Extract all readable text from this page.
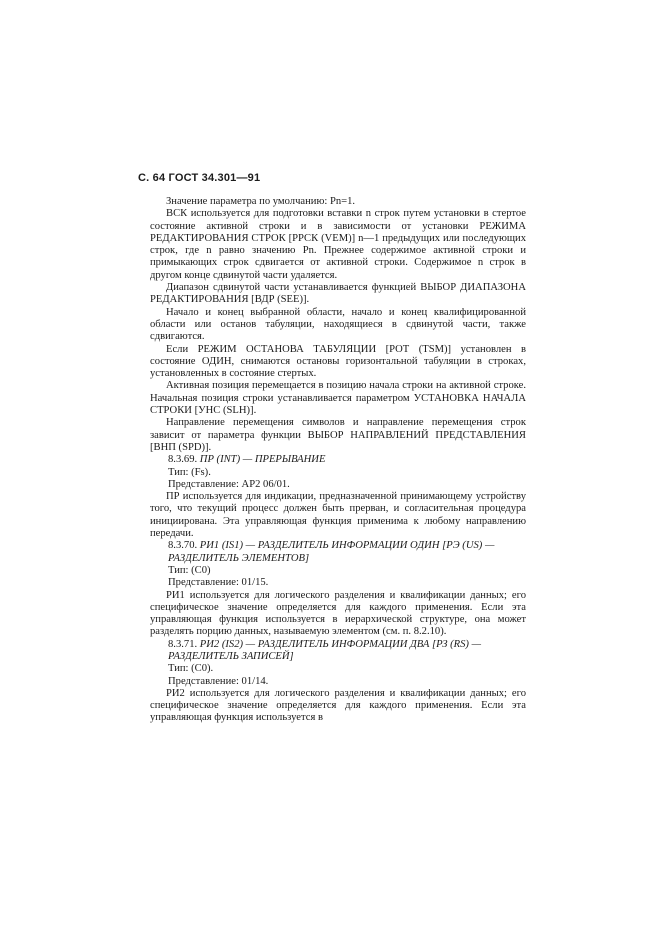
С. 64 ГОСТ 34.301—91

Значение параметра по умолчанию: Pn=1.

ВСК используется для подготовки вставки n строк путем установки в стертое состояние активной строки и в зависимости от установки РЕЖИМА РЕДАКТИРОВАНИЯ СТРОК [РРСК (VEM)] n—1 предыдущих или последующих строк, где n равно значению Pn. Прежнее содержимое активной строки и примыкающих строк сдвигается от активной строки. Содержимое n строк в другом конце сдвинутой части удаляется.

Диапазон сдвинутой части устанавливается функцией ВЫБОР ДИАПАЗОНА РЕДАКТИРОВАНИЯ [ВДР (SEE)].

Начало и конец выбранной области, начало и конец квалифицированной области или останов табуляции, находящиеся в сдвинутой части, также сдвигаются.

Если РЕЖИМ ОСТАНОВА ТАБУЛЯЦИИ [РОТ (TSM)] установлен в состояние ОДИН, снимаются остановы горизонтальной табуляции в строках, установленных в состояние стертых.

Активная позиция перемещается в позицию начала строки на активной строке. Начальная позиция строки устанавливается параметром УСТАНОВКА НАЧАЛА СТРОКИ [УНС (SLH)].

Направление перемещения символов и направление перемещения строк зависит от параметра функции ВЫБОР НАПРАВЛЕНИЙ ПРЕДСТАВЛЕНИЯ [ВНП (SPD)].

8.3.69. ПР (INT) — ПРЕРЫВАНИЕ

Тип: (Fs).

Представление: АР2 06/01.

ПР используется для индикации, предназначенной принимающему устройству того, что текущий процесс должен быть прерван, и согласительная процедура инициирована. Эта управляющая функция применима к любому направлению передачи.

8.3.70. РИ1 (IS1) — РАЗДЕЛИТЕЛЬ ИНФОРМАЦИИ ОДИН [РЭ (US) — РАЗДЕЛИТЕЛЬ ЭЛЕМЕНТОВ]

Тип: (С0)

Представление: 01/15.

РИ1 используется для логического разделения и квалификации данных; его специфическое значение определяется для каждого применения. Если эта управляющая функция используется в иерархической структуре, она может разделять порцию данных, называемую элементом (см. п. 8.2.10).

8.3.71. РИ2 (IS2) — РАЗДЕЛИТЕЛЬ ИНФОРМАЦИИ ДВА [РЗ (RS) — РАЗДЕЛИТЕЛЬ ЗАПИСЕЙ]

Тип: (С0).

Представление: 01/14.

РИ2 используется для логического разделения и квалификации данных; его специфическое значение определяется для каждого применения. Если эта управляющая функция используется в
